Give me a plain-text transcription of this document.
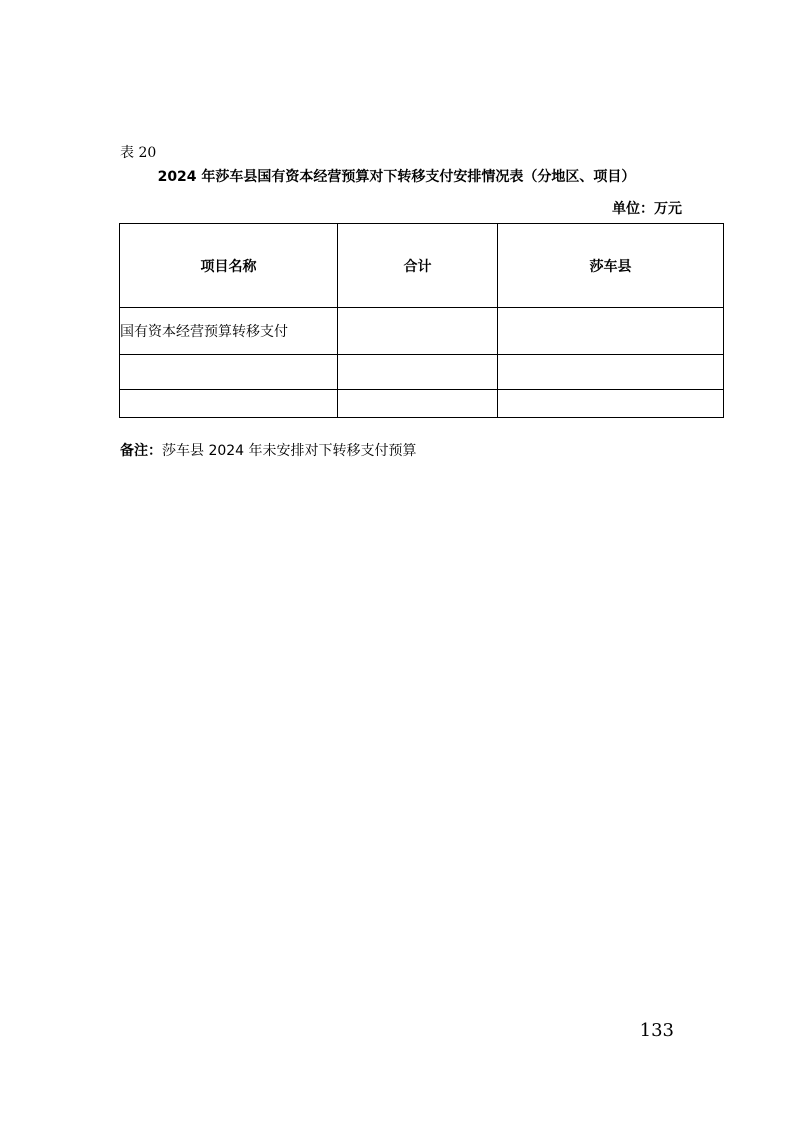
表 20
2024 年莎车县国有资本经营预算对下转移支付安排情况表（分地区、项目）
单位：万元
项目名称	合计	莎车县
国有资本经营预算转移支付		

备注：莎车县 2024 年未安排对下转移支付预算
133
